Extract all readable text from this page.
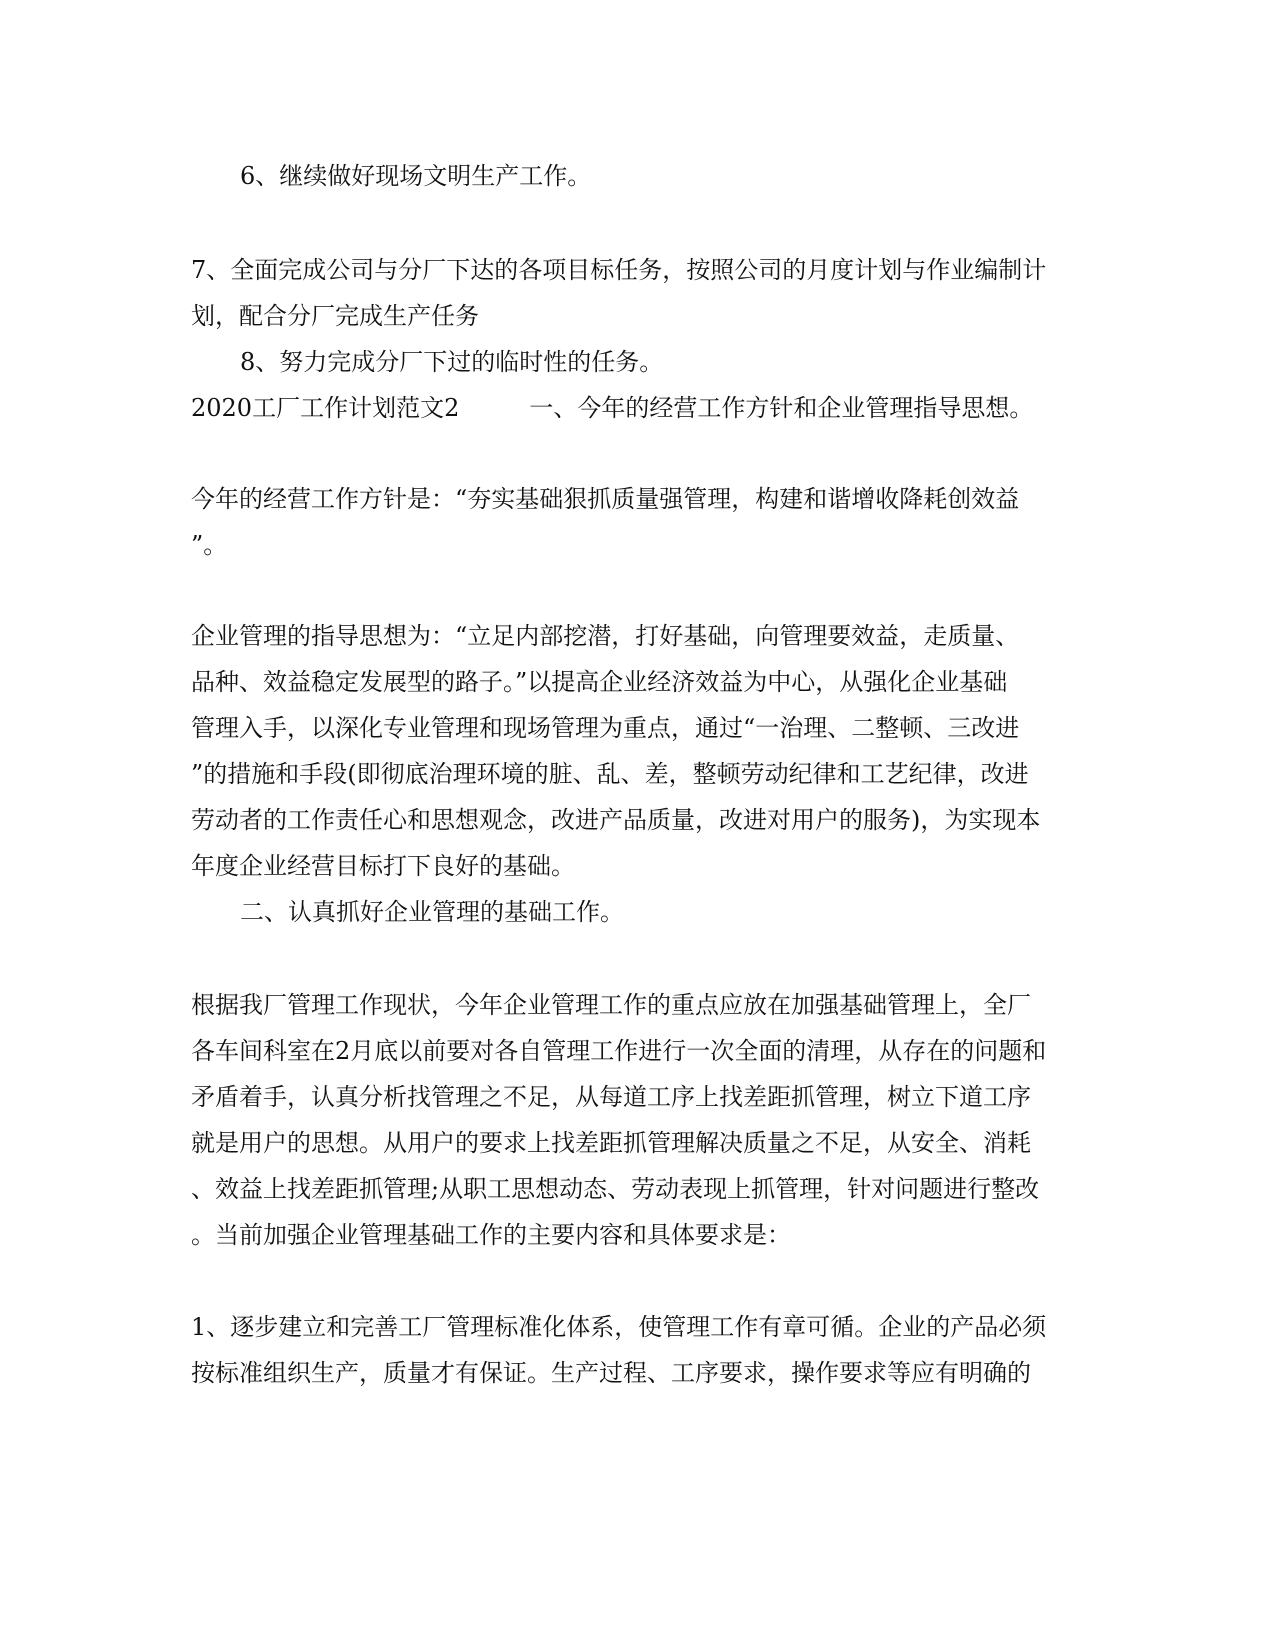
6、继续做好现场文明生产工作。
7、全面完成公司与分厂下达的各项目标任务，按照公司的月度计划与作业编制计
划，配合分厂完成生产任务
8、努力完成分厂下过的临时性的任务。
2020工厂工作计划范文2	一、今年的经营工作方针和企业管理指导思想。
今年的经营工作方针是：“夯实基础狠抓质量强管理，构建和谐增收降耗创效益
”。
企业管理的指导思想为：“立足内部挖潜，打好基础，向管理要效益，走质量、
品种、效益稳定发展型的路子。”以提高企业经济效益为中心，从强化企业基础
管理入手，以深化专业管理和现场管理为重点，通过“一治理、二整顿、三改进
”的措施和手段(即彻底治理环境的脏、乱、差，整顿劳动纪律和工艺纪律，改进
劳动者的工作责任心和思想观念，改进产品质量，改进对用户的服务)，为实现本
年度企业经营目标打下良好的基础。
二、认真抓好企业管理的基础工作。
根据我厂管理工作现状，今年企业管理工作的重点应放在加强基础管理上，全厂
各车间科室在2月底以前要对各自管理工作进行一次全面的清理，从存在的问题和
矛盾着手，认真分析找管理之不足，从每道工序上找差距抓管理，树立下道工序
就是用户的思想。从用户的要求上找差距抓管理解决质量之不足，从安全、消耗
、效益上找差距抓管理;从职工思想动态、劳动表现上抓管理，针对问题进行整改
。当前加强企业管理基础工作的主要内容和具体要求是：
1、逐步建立和完善工厂管理标准化体系，使管理工作有章可循。企业的产品必须
按标准组织生产，质量才有保证。生产过程、工序要求，操作要求等应有明确的
